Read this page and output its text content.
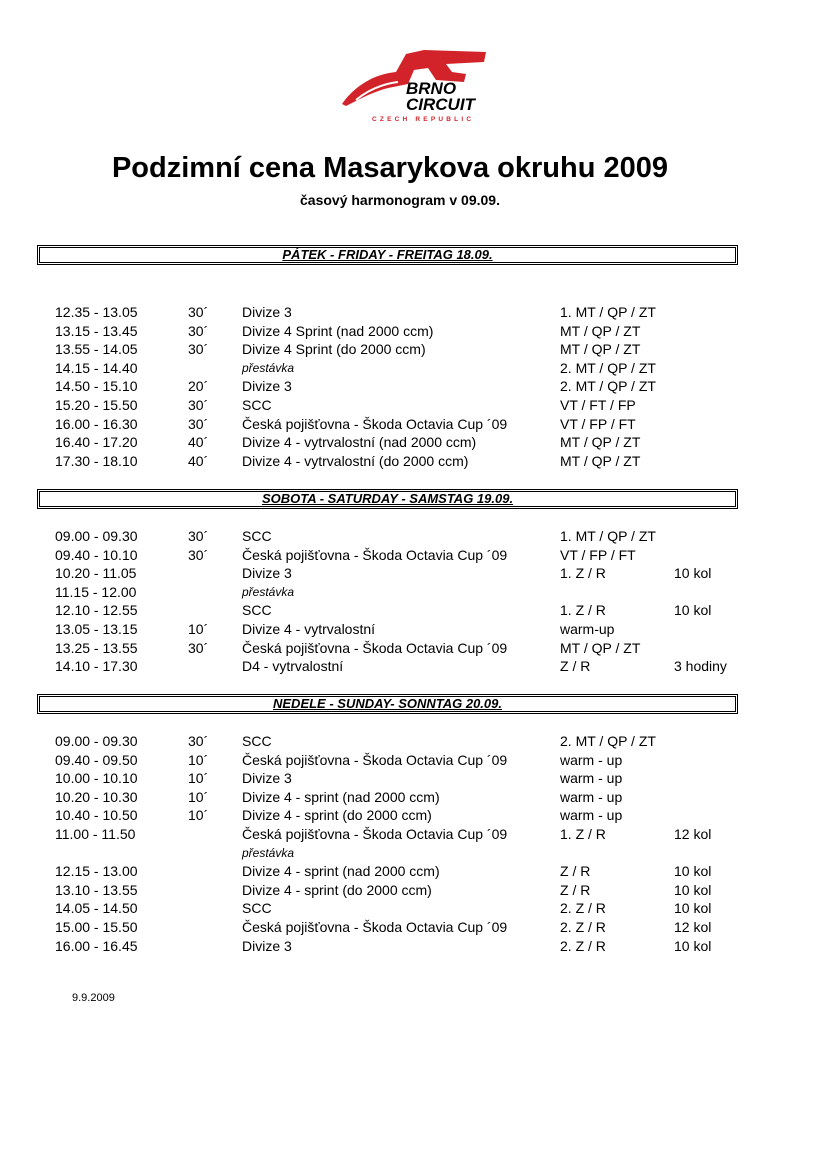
BRNO
CIRCUIT
CZECH REPUBLIC
Podzimní cena Masarykova okruhu 2009
časový harmonogram v 09.09.
PÁTEK - FRIDAY - FREITAG 18.09.
12.35 - 13.05	30´ Divize 3	1. MT / QP / ZT
13.15 - 13.45	30´ Divize 4 Sprint (nad 2000 ccm)	MT / QP / ZT
13.55 - 14.05	30´ Divize 4 Sprint (do 2000 ccm)	MT / QP / ZT
14.15 - 14.40	přestávka	2. MT / QP / ZT
14.50 - 15.10	20´ Divize 3	2. MT / QP / ZT
15.20 - 15.50	30´ SCC	VT / FT / FP
16.00 - 16.30	30´ Česká pojišťovna - Škoda Octavia Cup ´09	VT / FP / FT
16.40 - 17.20	40´ Divize 4 - vytrvalostní (nad 2000 ccm)	MT / QP / ZT
17.30 - 18.10	40´ Divize 4 - vytrvalostní (do 2000 ccm)	MT / QP / ZT
SOBOTA - SATURDAY - SAMSTAG 19.09.
09.00 - 09.30	30´ SCC	1. MT / QP / ZT
09.40 - 10.10	30´ Česká pojišťovna - Škoda Octavia Cup ´09	VT / FP / FT
10.20 - 11.05	Divize 3	1. Z / R	10 kol
11.15 - 12.00	přestávka
12.10 - 12.55	SCC	1. Z / R	10 kol
13.05 - 13.15	10´ Divize 4 - vytrvalostní	warm-up
13.25 - 13.55	30´ Česká pojišťovna - Škoda Octavia Cup ´09	MT / QP / ZT
14.10 - 17.30	D4 - vytrvalostní	Z / R	3 hodiny
NEDELE - SUNDAY- SONNTAG 20.09.
09.00 - 09.30	30´ SCC	2. MT / QP / ZT
09.40 - 09.50	10´ Česká pojišťovna - Škoda Octavia Cup ´09	warm - up
10.00 - 10.10	10´ Divize 3	warm - up
10.20 - 10.30	10´ Divize 4 - sprint (nad 2000 ccm)	warm - up
10.40 - 10.50	10´ Divize 4 - sprint (do 2000 ccm)	warm - up
11.00 - 11.50	Česká pojišťovna - Škoda Octavia Cup ´09	1. Z / R	12 kol
přestávka
12.15 - 13.00	Divize 4 - sprint (nad 2000 ccm)	Z / R	10 kol
13.10 - 13.55	Divize 4 - sprint (do 2000 ccm)	Z / R	10 kol
14.05 - 14.50	SCC	2. Z / R	10 kol
15.00 - 15.50	Česká pojišťovna - Škoda Octavia Cup ´09	2. Z / R	12 kol
16.00 - 16.45	Divize 3	2. Z / R	10 kol
9.9.2009
